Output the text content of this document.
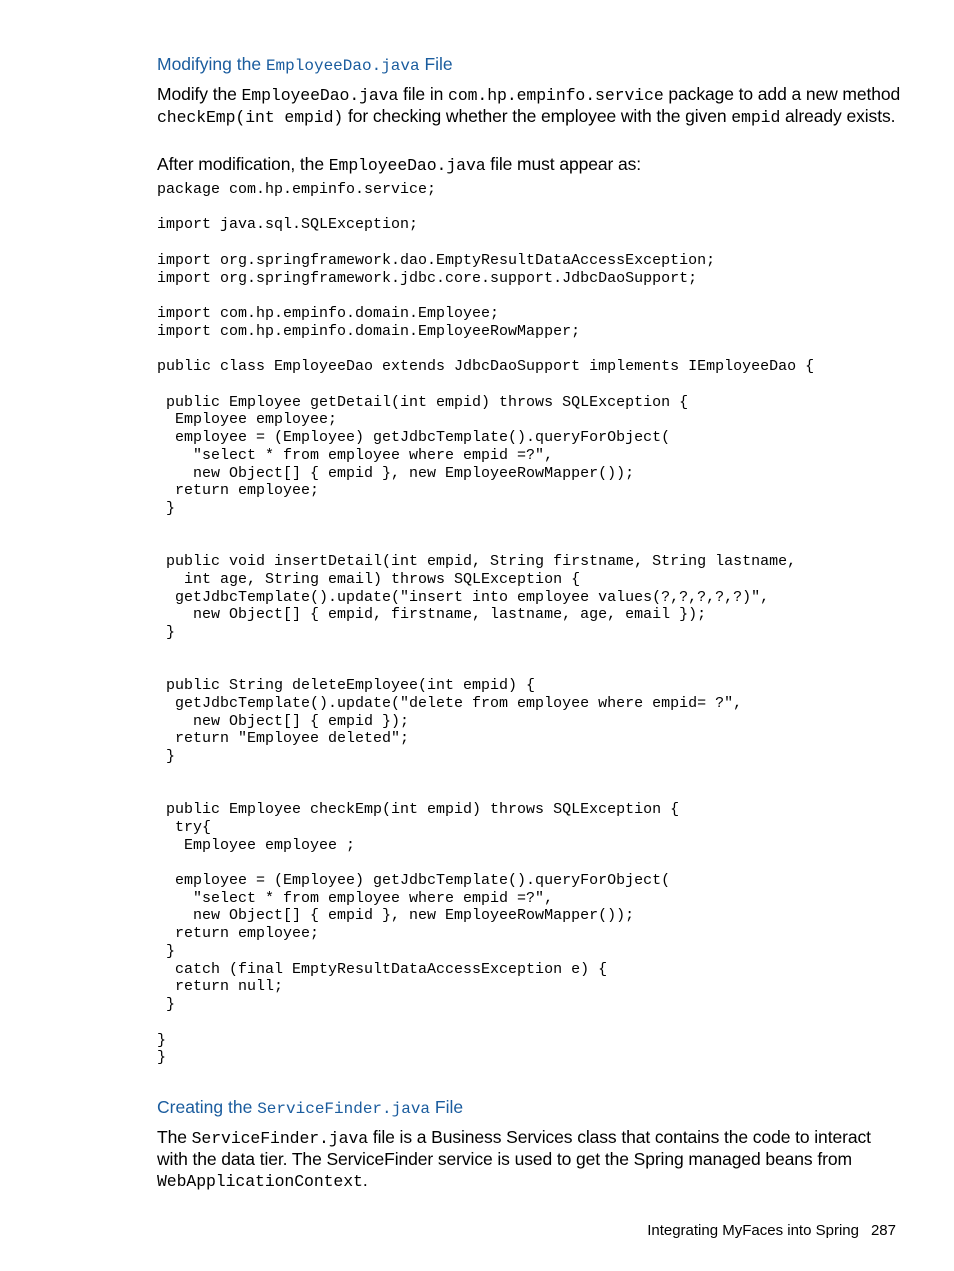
Modifying the EmployeeDao.java File

Modify the EmployeeDao.java file in com.hp.empinfo.service package to add a new method checkEmp(int empid) for checking whether the employee with the given empid already exists.

After modification, the EmployeeDao.java file must appear as:

package com.hp.empinfo.service;

import java.sql.SQLException;

import org.springframework.dao.EmptyResultDataAccessException;
import org.springframework.jdbc.core.support.JdbcDaoSupport;

import com.hp.empinfo.domain.Employee;
import com.hp.empinfo.domain.EmployeeRowMapper;

public class EmployeeDao extends JdbcDaoSupport implements IEmployeeDao {

public Employee getDetail(int empid) throws SQLException {
Employee employee;
employee = (Employee) getJdbcTemplate().queryForObject(
"select * from employee where empid =?",
new Object[] { empid }, new EmployeeRowMapper());
return employee;
}

public void insertDetail(int empid, String firstname, String lastname,
int age, String email) throws SQLException {
getJdbcTemplate().update("insert into employee values(?,?,?,?,?)",
new Object[] { empid, firstname, lastname, age, email });
}

public String deleteEmployee(int empid) {
getJdbcTemplate().update("delete from employee where empid= ?",
new Object[] { empid });
return "Employee deleted";
}

public Employee checkEmp(int empid) throws SQLException {
try{
Employee employee ;

employee = (Employee) getJdbcTemplate().queryForObject(
"select * from employee where empid =?",
new Object[] { empid }, new EmployeeRowMapper());
return employee;
}
catch (final EmptyResultDataAccessException e) {
return null;
}

}
}
Creating the ServiceFinder.java File

The ServiceFinder.java file is a Business Services class that contains the code to interact with the data tier. The ServiceFinder service is used to get the Spring managed beans from WebApplicationContext.

Integrating MyFaces into Spring 287
